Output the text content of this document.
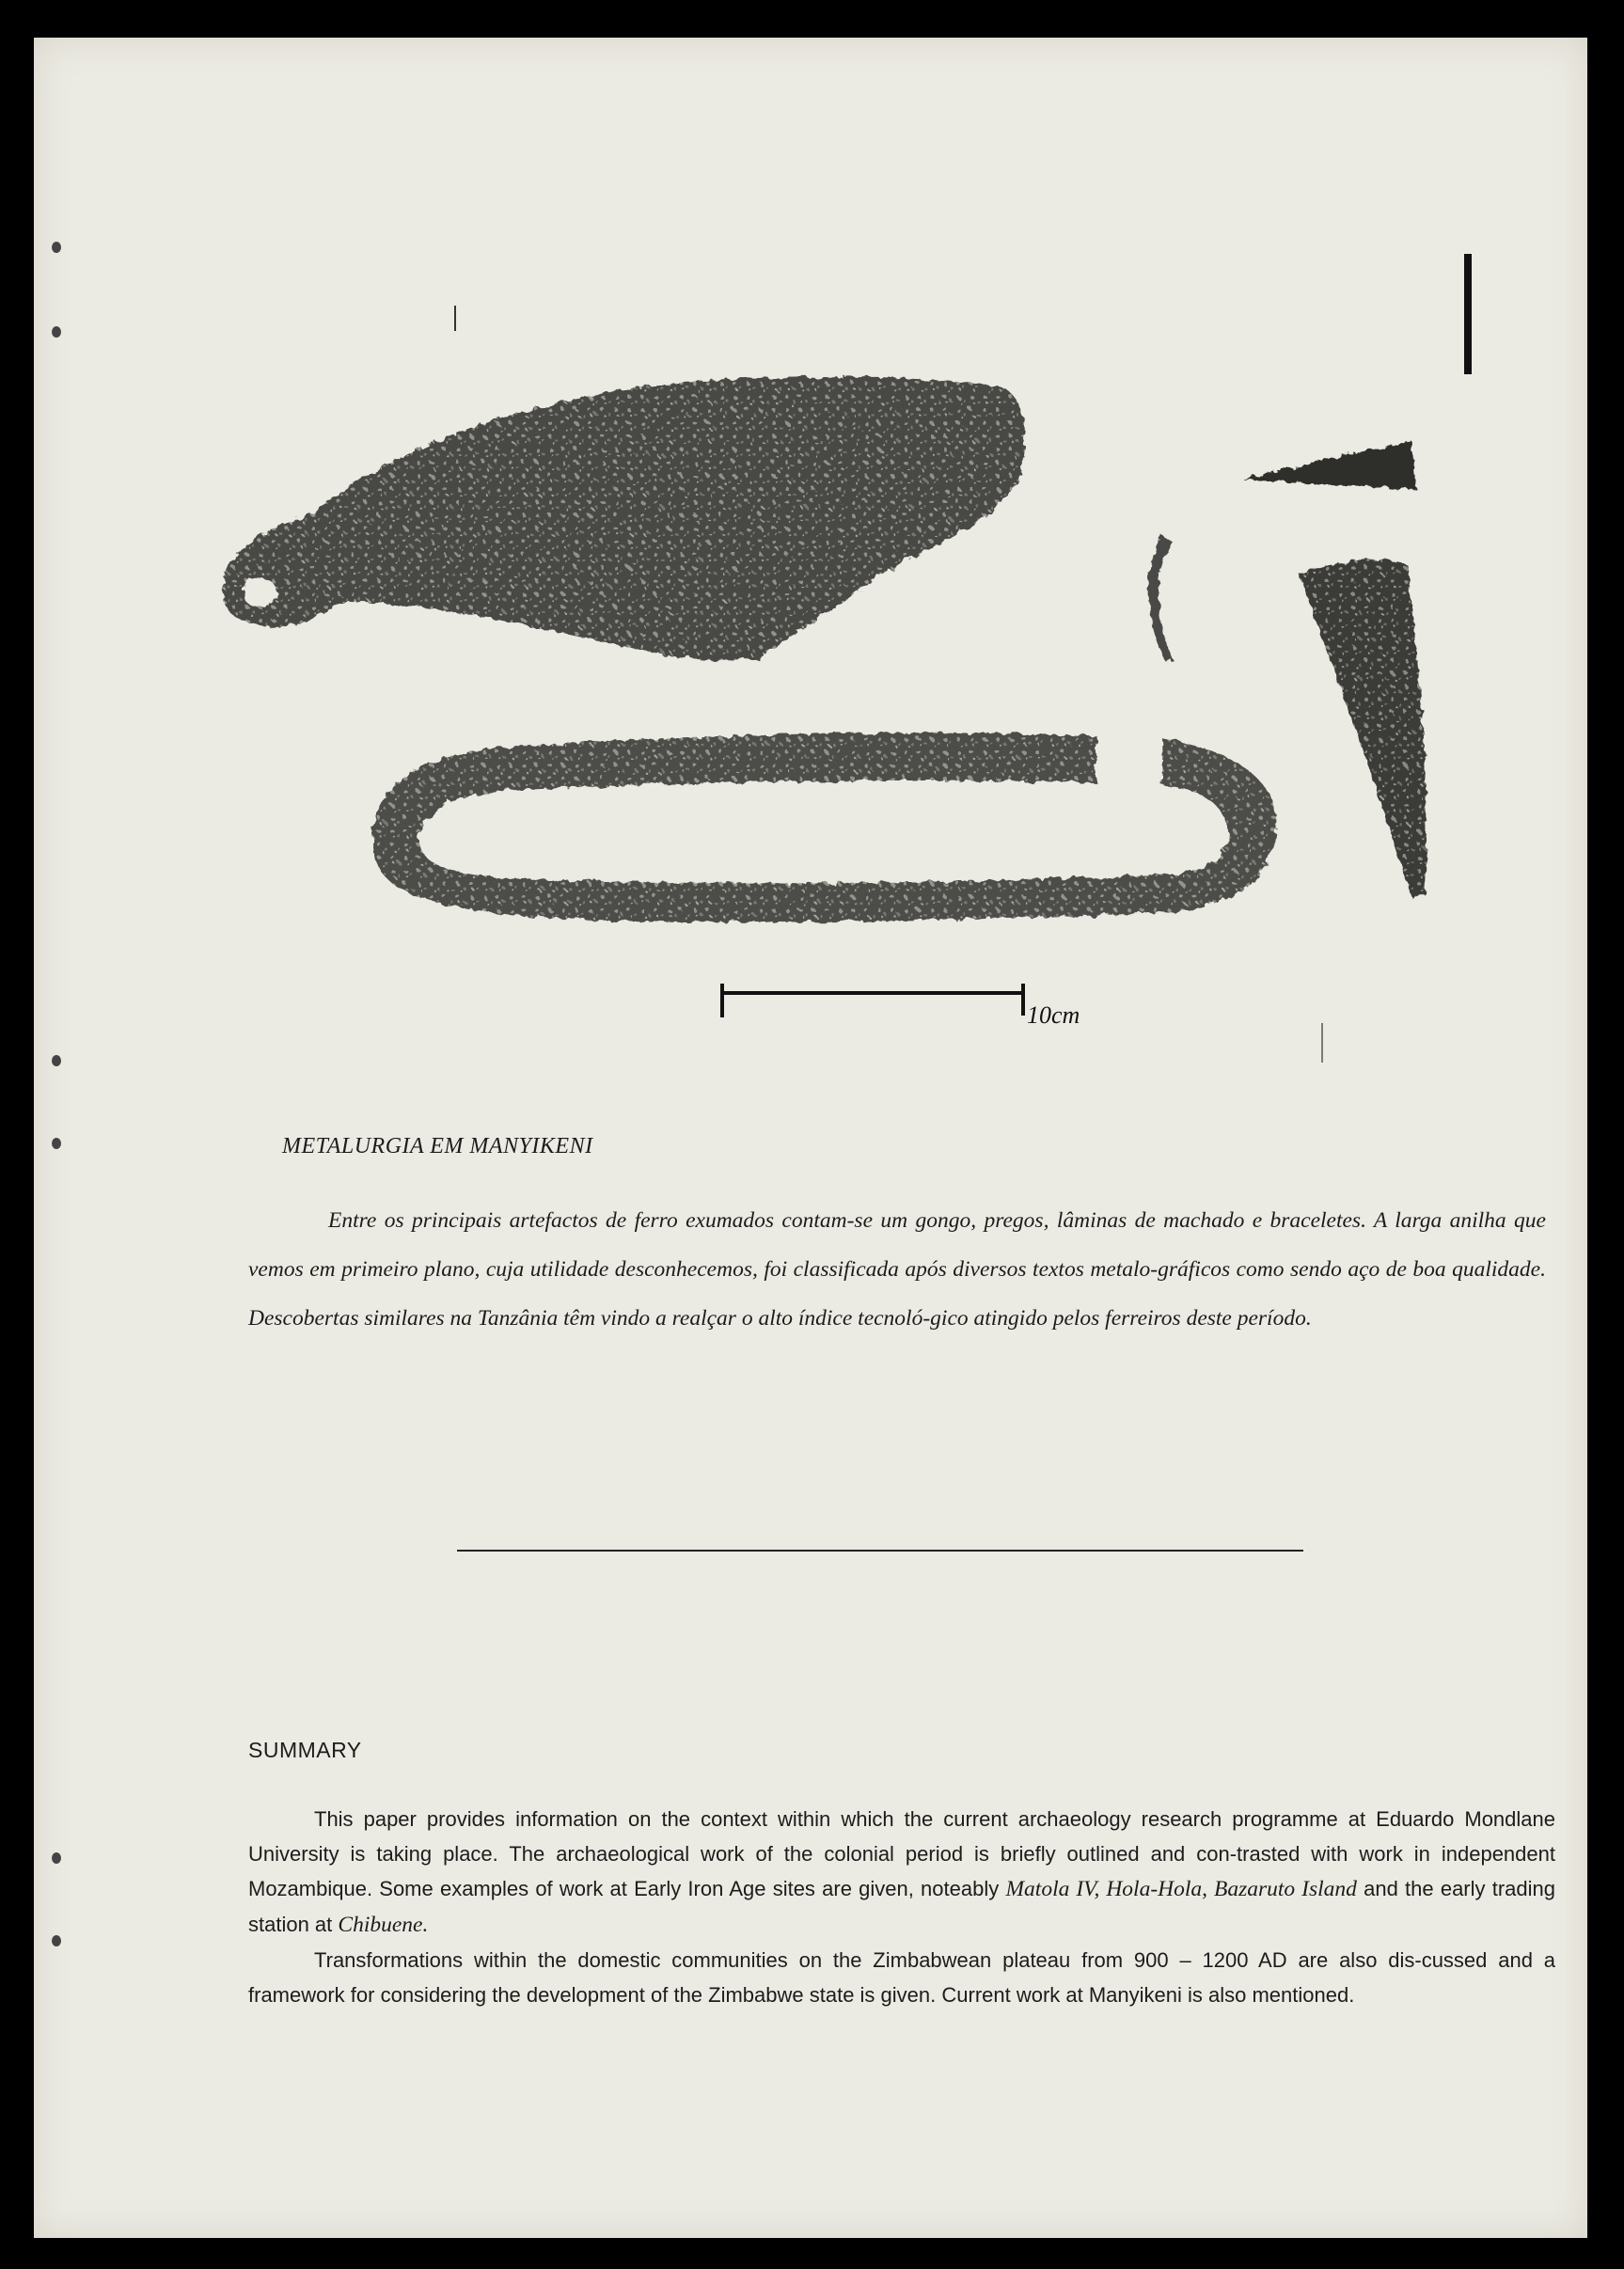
10cm
METALURGIA EM MANYIKENI

Entre os principais artefactos de ferro exumados contam-se um gongo, pregos, lâminas de machado e braceletes. A larga anilha que vemos em primeiro plano, cuja utilidade desconhecemos, foi classificada após diversos textos metalo-gráficos como sendo aço de boa qualidade. Descobertas similares na Tanzânia têm vindo a realçar o alto índice tecnoló-gico atingido pelos ferreiros deste período.

SUMMARY

This paper provides information on the context within which the current archaeology research programme at Eduardo Mondlane University is taking place. The archaeological work of the colonial period is briefly outlined and con-trasted with work in independent Mozambique. Some examples of work at Early Iron Age sites are given, noteably Matola IV, Hola-Hola, Bazaruto Island and the early trading station at Chibuene.

Transformations within the domestic communities on the Zimbabwean plateau from 900 – 1200 AD are also dis-cussed and a framework for considering the development of the Zimbabwe state is given. Current work at Manyikeni is also mentioned.
